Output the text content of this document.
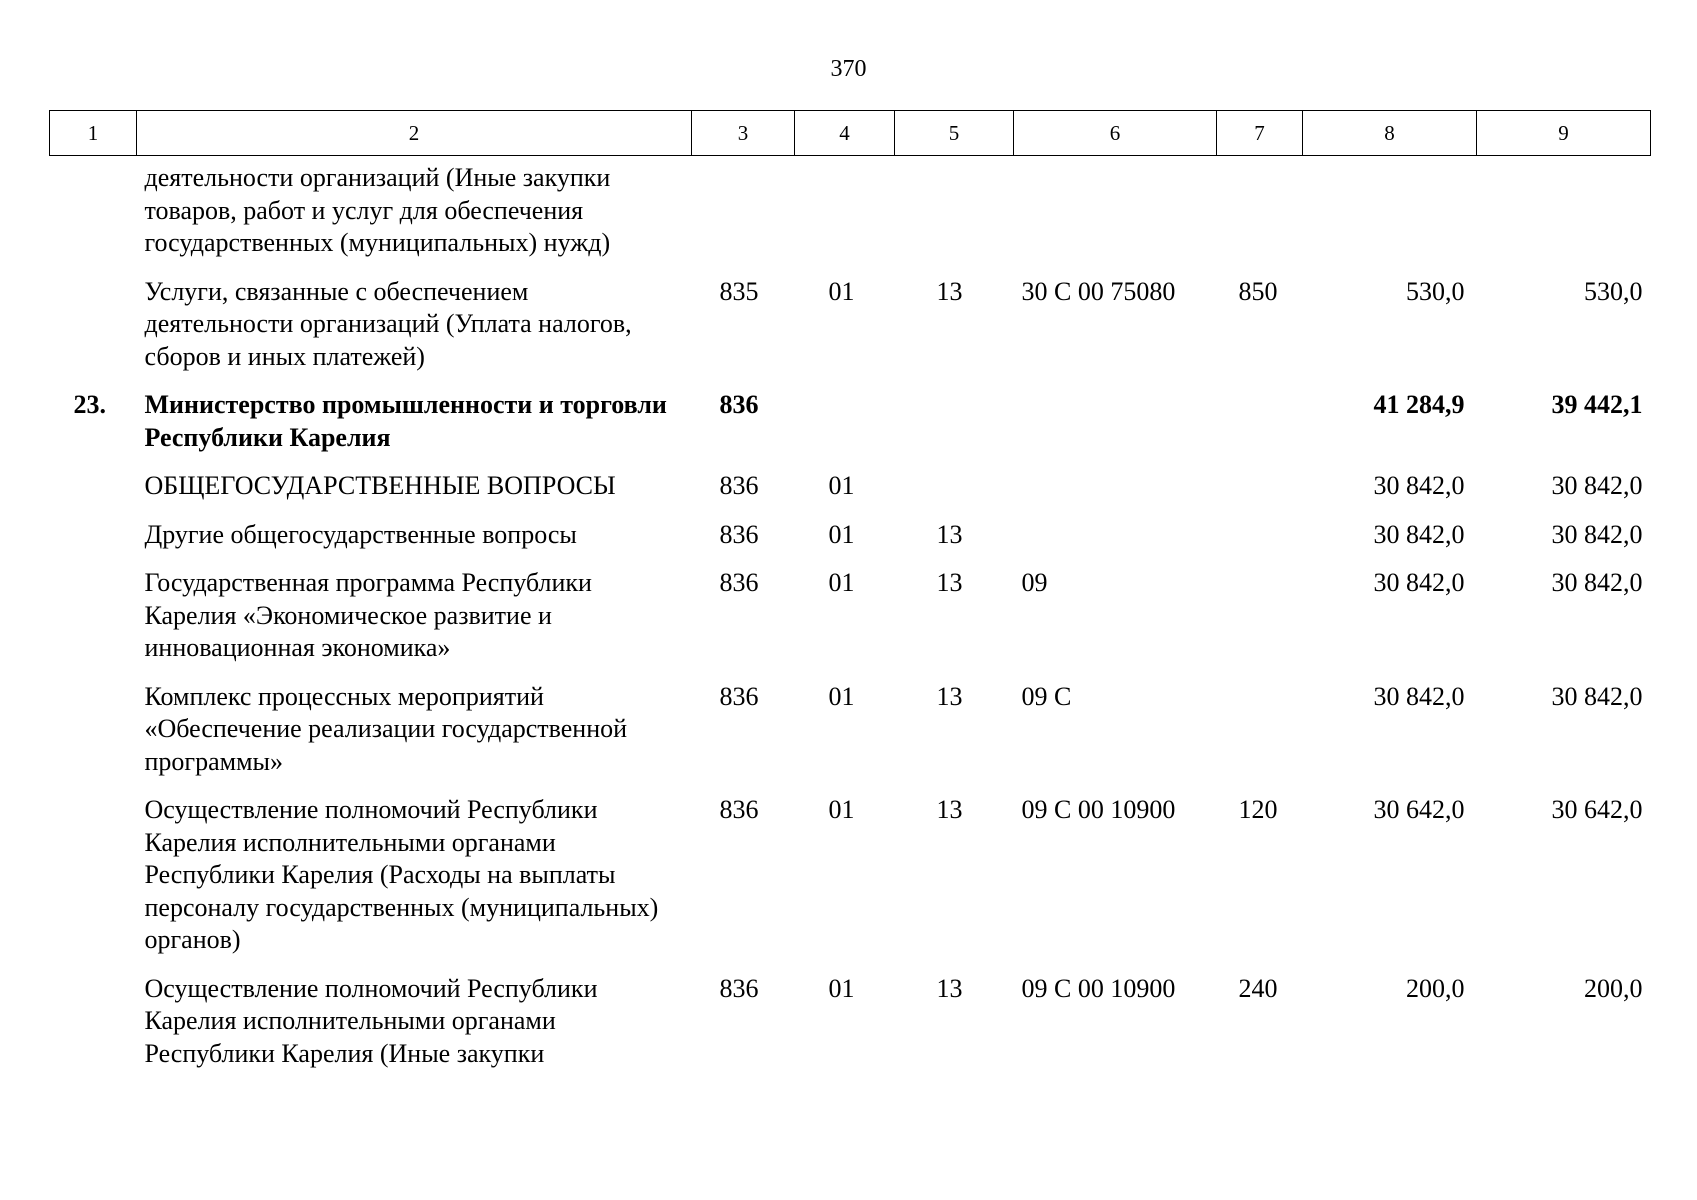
370
1	2	3	4	5	6	7	8	9
	деятельности организаций (Иные закупки товаров, работ и услуг для обеспечения государственных (муниципальных) нужд)							
	Услуги, связанные с обеспечением деятельности организаций (Уплата налогов, сборов и иных платежей)	835	01	13	30 С 00 75080	850	530,0	530,0
23.	Министерство промышленности и торговли Республики Карелия	836					41 284,9	39 442,1
	ОБЩЕГОСУДАРСТВЕННЫЕ ВОПРОСЫ	836	01				30 842,0	30 842,0
	Другие общегосударственные вопросы	836	01	13			30 842,0	30 842,0
	Государственная программа Республики Карелия «Экономическое развитие и инновационная экономика»	836	01	13	09		30 842,0	30 842,0
	Комплекс процессных мероприятий «Обеспечение реализации государственной программы»	836	01	13	09 С		30 842,0	30 842,0
	Осуществление полномочий Республики Карелия исполнительными органами Республики Карелия (Расходы на выплаты персоналу государственных (муниципальных) органов)	836	01	13	09 С 00 10900	120	30 642,0	30 642,0
	Осуществление полномочий Республики Карелия исполнительными органами Республики Карелия (Иные закупки	836	01	13	09 С 00 10900	240	200,0	200,0
